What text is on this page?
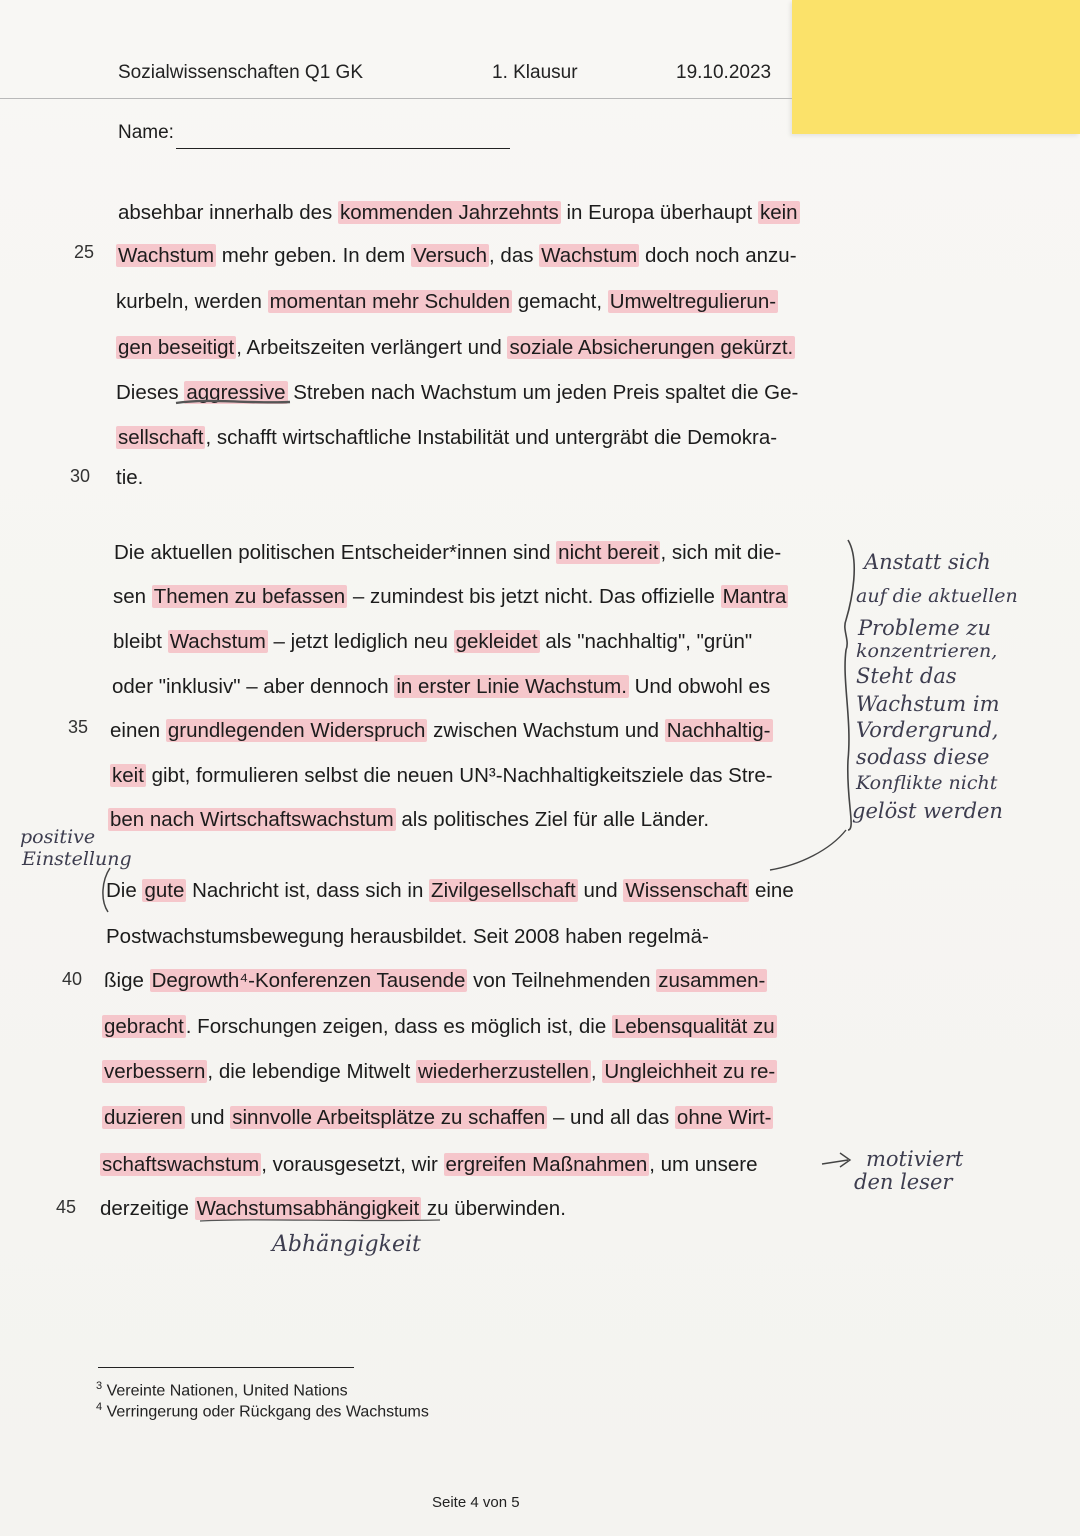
Sozialwissenschaften Q1 GK	1. Klausur	19.10.2023
Name:
25
30
35
40
45
absehbar innerhalb des kommenden Jahrzehnts in Europa überhaupt kein
Wachstum mehr geben. In dem Versuch, das Wachstum doch noch anzu-
kurbeln, werden momentan mehr Schulden gemacht, Umweltregulierun-
gen beseitigt, Arbeitszeiten verlängert und soziale Absicherungen gekürzt.
Dieses aggressive Streben nach Wachstum um jeden Preis spaltet die Ge-
sellschaft, schafft wirtschaftliche Instabilität und untergräbt die Demokra-
tie.
Die aktuellen politischen Entscheider*innen sind nicht bereit, sich mit die-
sen Themen zu befassen – zumindest bis jetzt nicht. Das offizielle Mantra
bleibt Wachstum – jetzt lediglich neu gekleidet als "nachhaltig", "grün"
oder "inklusiv" – aber dennoch in erster Linie Wachstum. Und obwohl es
einen grundlegenden Widerspruch zwischen Wachstum und Nachhaltig-
keit gibt, formulieren selbst die neuen UN³-Nachhaltigkeitsziele das Stre-
ben nach Wirtschaftswachstum als politisches Ziel für alle Länder.
Die gute Nachricht ist, dass sich in Zivilgesellschaft und Wissenschaft eine
Postwachstumsbewegung herausbildet. Seit 2008 haben regelmä-
ßige Degrowth⁴-Konferenzen Tausende von Teilnehmenden zusammen-
gebracht. Forschungen zeigen, dass es möglich ist, die Lebensqualität zu
verbessern, die lebendige Mitwelt wiederherzustellen, Ungleichheit zu re-
duzieren und sinnvolle Arbeitsplätze zu schaffen – und all das ohne Wirt-
schaftswachstum, vorausgesetzt, wir ergreifen Maßnahmen, um unsere
derzeitige Wachstumsabhängigkeit zu überwinden.
Anstatt sich
auf die aktuellen
Probleme zu
konzentrieren,
Steht das
Wachstum im
Vordergrund,
sodass diese
Konflikte nicht
gelöst werden
positive
Einstellung
motiviert
den leser
Abhängigkeit
$^3$ Vereinte Nationen, United Nations
$^4$ Verringerung oder Rückgang des Wachstums
Seite 4 von 5
